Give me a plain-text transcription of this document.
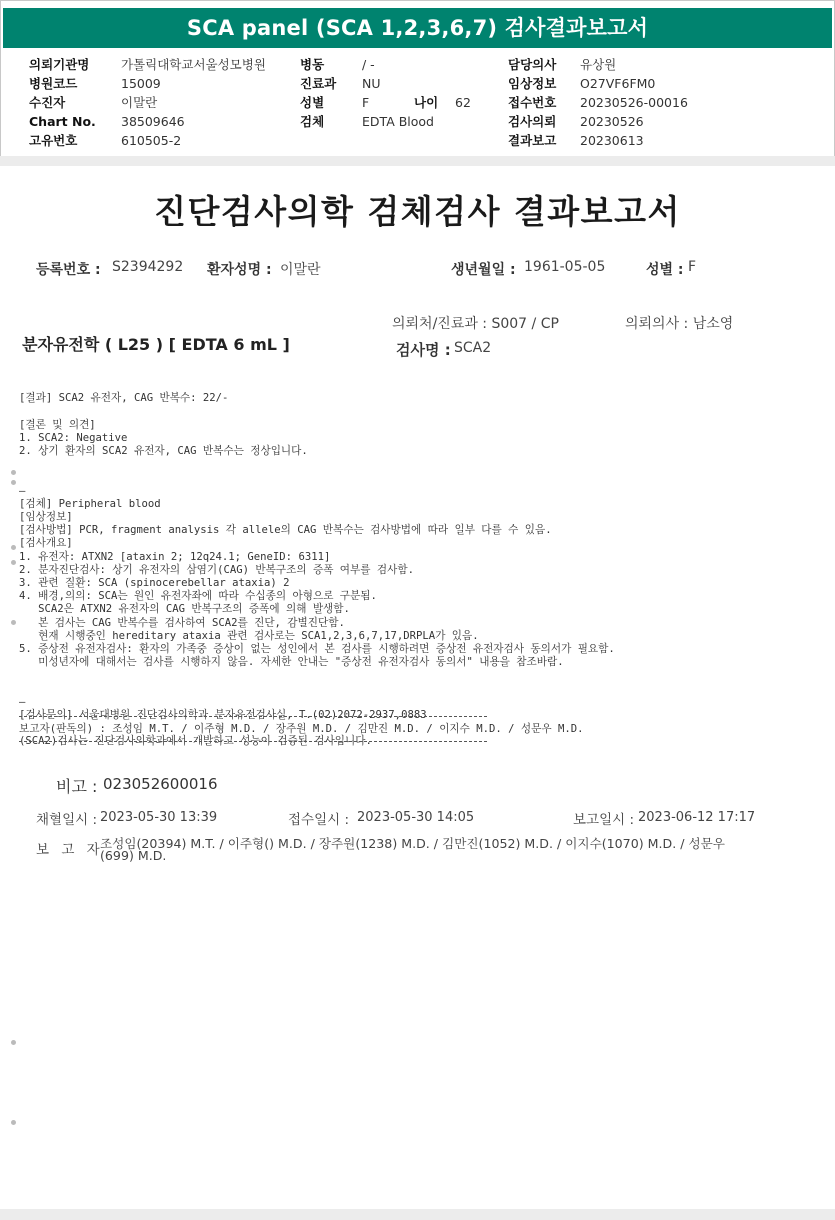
SCA panel (SCA 1,2,3,6,7) 검사결과보고서
의뢰기관명	가톨릭대학교서울성모병원
병원코드	15009
수진자	이말란
Chart No. 38509646
고유번호	610505-2
병동	/ -
진료과 NU
성별	F	나이 62
검체	EDTA Blood
담당의사 유상원
임상정보 O27VF6FM0
접수번호 20230526-00016
검사의뢰 20230526
결과보고 20230613
진단검사의학 검체검사 결과보고서
등록번호 : S2394292 환자성명 : 이말란	생년월일 : 1961-05-05	성별 : F
의뢰처/진료과 : S007 / CP	의뢰의사 : 남소영
분자유전학 ( L25 ) [ EDTA 6 mL ]	검사명 : SCA2

[결과] SCA2 유전자, CAG 반복수: 22/-
[결론 및 의견]
1. SCA2: Negative
2. 상기 환자의 SCA2 유전자, CAG 반복수는 정상입니다.
—
[검체] Peripheral blood
[임상정보]
[검사방법] PCR, fragment analysis 각 allele의 CAG 반복수는 검사방법에 따라 일부 다를 수 있음.
[검사개요]
1. 유전자: ATXN2 [ataxin 2; 12q24.1; GeneID: 6311]
2. 분자진단검사: 상기 유전자의 삼염기(CAG) 반복구조의 증폭 여부를 검사함.
3. 관련 질환: SCA (spinocerebellar ataxia) 2
4. 배경,의의: SCA는 원인 유전자좌에 따라 수십종의 아형으로 구분됨.
SCA2은 ATXN2 유전자의 CAG 반복구조의 증폭에 의해 발생함.
본 검사는 CAG 반복수를 검사하여 SCA2를 진단, 감별진단함.
현재 시행중인 hereditary ataxia 관련 검사로는 SCA1,2,3,6,7,17,DRPLA가 있음.
5. 증상전 유전자검사: 환자의 가족중 증상이 없는 성인에서 본 검사를 시행하려면 증상전 유전자검사 동의서가 필요함.
미성년자에 대해서는 검사를 시행하지 않음. 자세한 안내는 "증상전 유전자검사 동의서" 내용을 참조바람.
—
[검사문의] 서울대병원 진단검사의학과 분자유전검사실, T.(02)2072-2937,0883
(SCA2)검사는 진단검사의학과에서 개발하고 성능이 검증된 검사입니다.

보고자(판독의) : 조성임 M.T. / 이주형 M.D. / 장주원 M.D. / 김만진 M.D. / 이지수 M.D. / 성문우 M.D.
비고 : 023052600016
채혈일시 : 2023-05-30 13:39	접수일시 : 2023-05-30 14:05	보고일시 : 2023-06-12 17:17
보 고 자
조성임(20394) M.T. / 이주형() M.D. / 장주원(1238) M.D. / 김만진(1052) M.D. / 이지수(1070) M.D. / 성문우
(699) M.D.
